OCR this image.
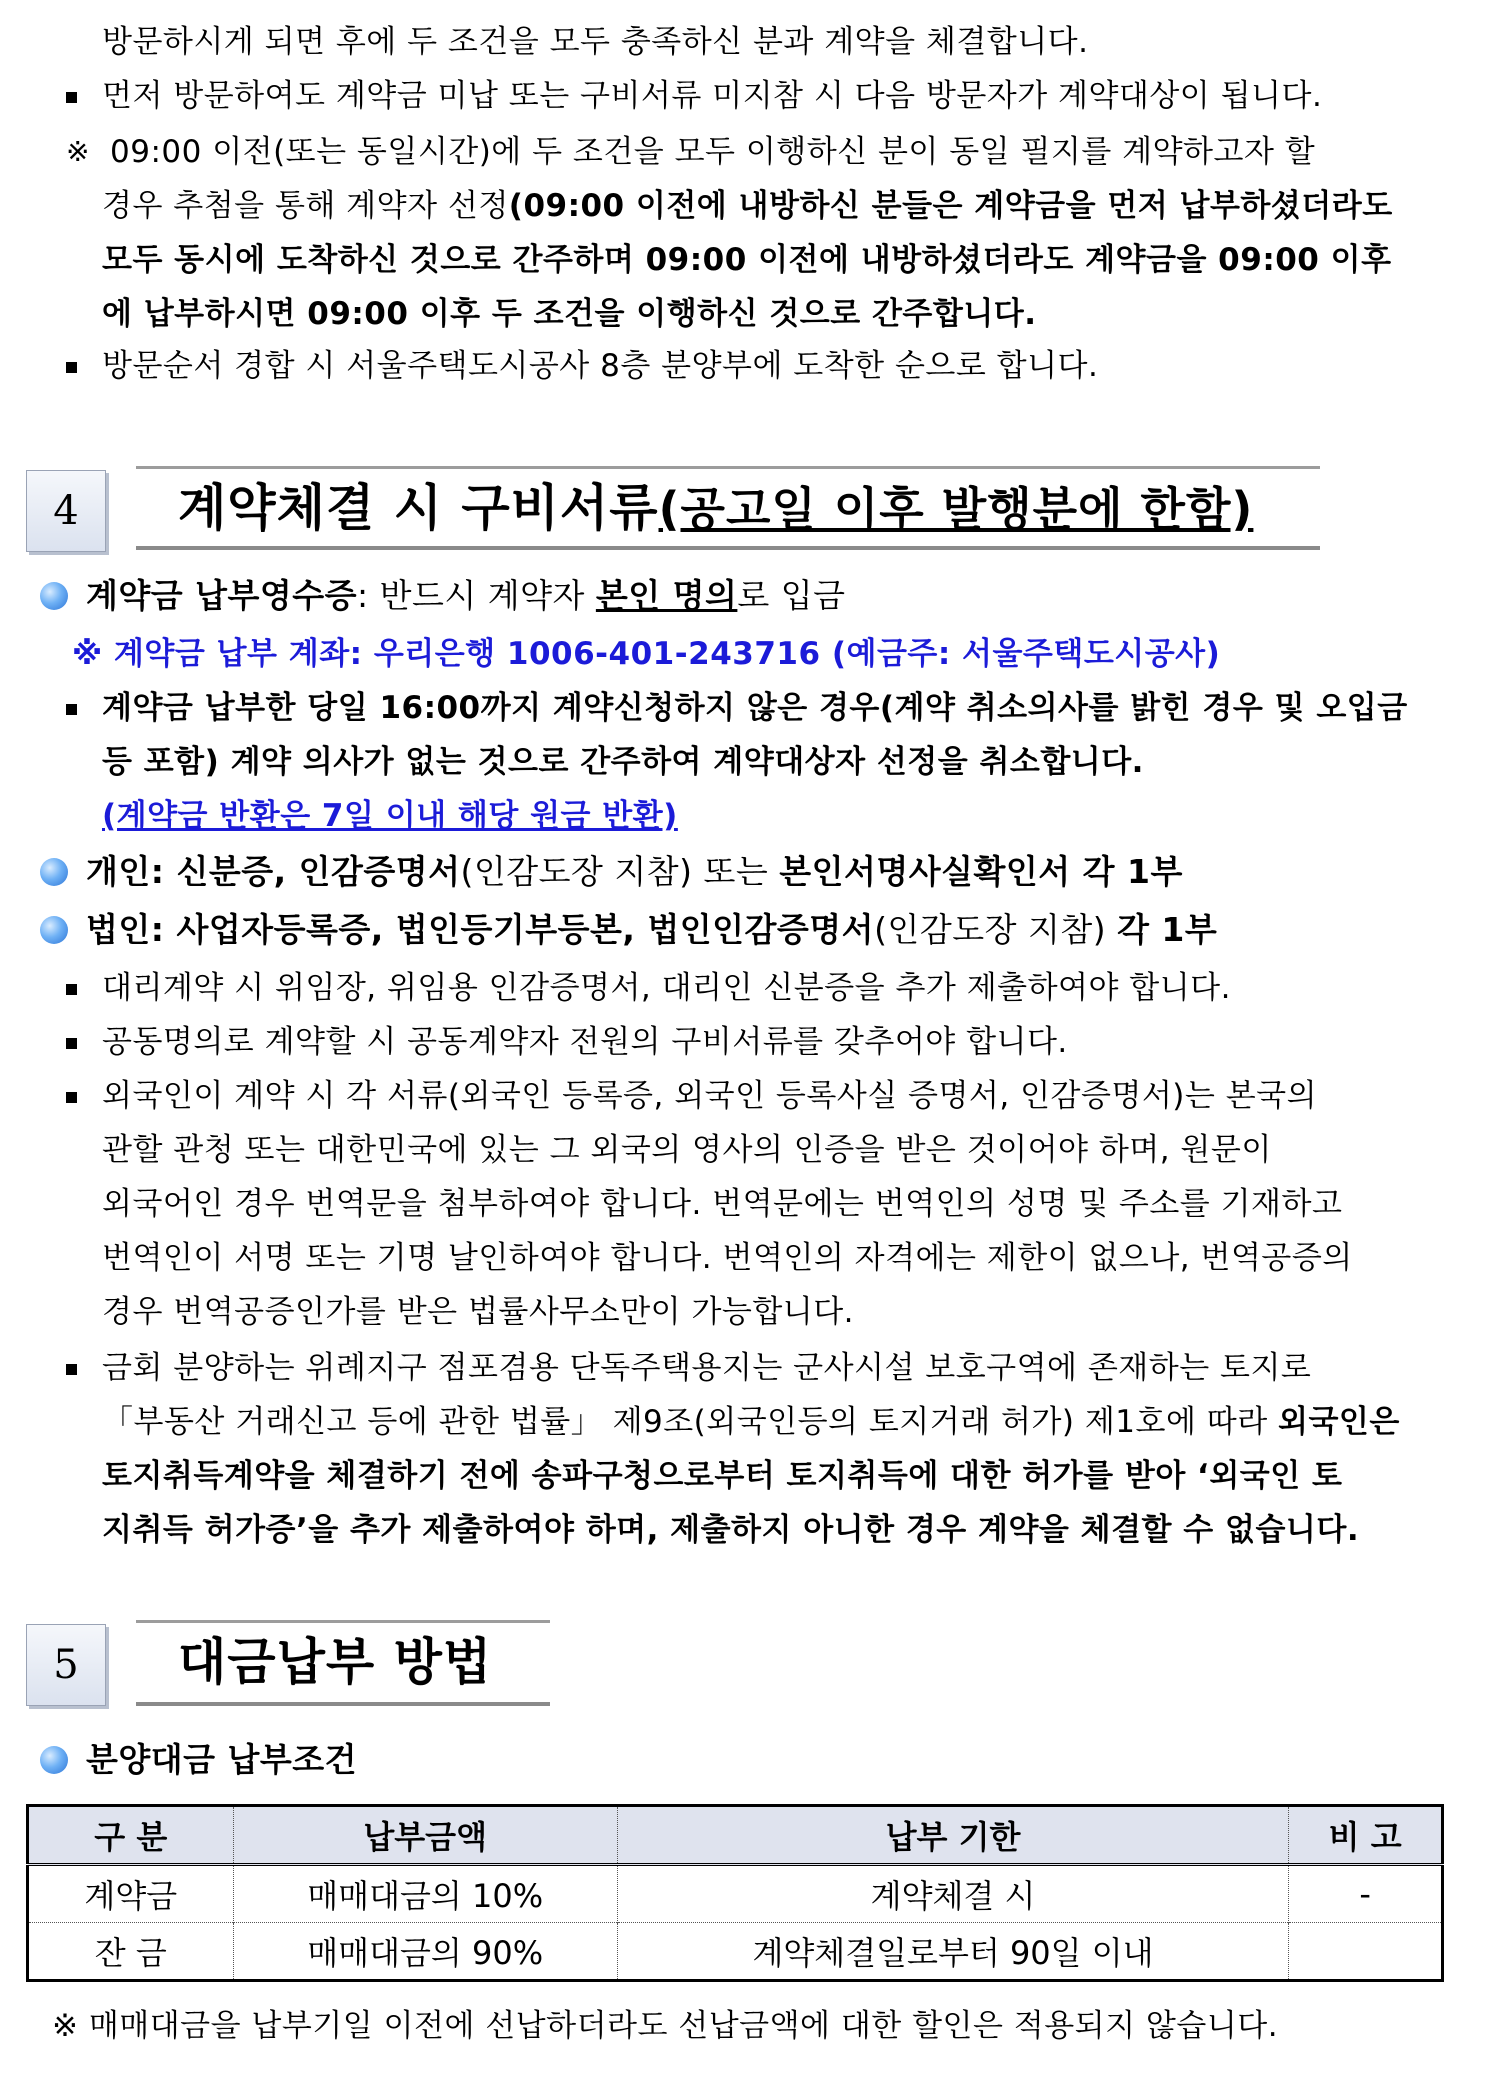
방문하시게 되면 후에 두 조건을 모두 충족하신 분과 계약을 체결합니다.
먼저 방문하여도 계약금 미납 또는 구비서류 미지참 시 다음 방문자가 계약대상이 됩니다.
※ 09:00 이전(또는 동일시간)에 두 조건을 모두 이행하신 분이 동일 필지를 계약하고자 할
경우 추첨을 통해 계약자 선정(09:00 이전에 내방하신 분들은 계약금을 먼저 납부하셨더라도
모두 동시에 도착하신 것으로 간주하며 09:00 이전에 내방하셨더라도 계약금을 09:00 이후
에 납부하시면 09:00 이후 두 조건을 이행하신 것으로 간주합니다.
방문순서 경합 시 서울주택도시공사 8층 분양부에 도착한 순으로 합니다.
4	계약체결 시 구비서류(공고일 이후 발행분에 한함)
계약금 납부영수증: 반드시 계약자 본인 명의로 입금
※ 계약금 납부 계좌: 우리은행 1006-401-243716 (예금주: 서울주택도시공사)
계약금 납부한 당일 16:00까지 계약신청하지 않은 경우(계약 취소의사를 밝힌 경우 및 오입금
등 포함) 계약 의사가 없는 것으로 간주하여 계약대상자 선정을 취소합니다.
(계약금 반환은 7일 이내 해당 원금 반환)
개인: 신분증, 인감증명서(인감도장 지참) 또는 본인서명사실확인서 각 1부
법인: 사업자등록증, 법인등기부등본, 법인인감증명서(인감도장 지참) 각 1부
대리계약 시 위임장, 위임용 인감증명서, 대리인 신분증을 추가 제출하여야 합니다.
공동명의로 계약할 시 공동계약자 전원의 구비서류를 갖추어야 합니다.
외국인이 계약 시 각 서류(외국인 등록증, 외국인 등록사실 증명서, 인감증명서)는 본국의
관할 관청 또는 대한민국에 있는 그 외국의 영사의 인증을 받은 것이어야 하며, 원문이
외국어인 경우 번역문을 첨부하여야 합니다. 번역문에는 번역인의 성명 및 주소를 기재하고
번역인이 서명 또는 기명 날인하여야 합니다. 번역인의 자격에는 제한이 없으나, 번역공증의
경우 번역공증인가를 받은 법률사무소만이 가능합니다.
금회 분양하는 위례지구 점포겸용 단독주택용지는 군사시설 보호구역에 존재하는 토지로
「부동산 거래신고 등에 관한 법률」 제9조(외국인등의 토지거래 허가) 제1호에 따라 외국인은
토지취득계약을 체결하기 전에 송파구청으로부터 토지취득에 대한 허가를 받아 ‘외국인 토
지취득 허가증’을 추가 제출하여야 하며, 제출하지 아니한 경우 계약을 체결할 수 없습니다.
5	대금납부 방법
분양대금 납부조건
구 분	납부금액	납부 기한	비 고
계약금	매매대금의 10%	계약체결 시	-
잔 금	매매대금의 90%	계약체결일로부터 90일 이내	
※ 매매대금을 납부기일 이전에 선납하더라도 선납금액에 대한 할인은 적용되지 않습니다.
